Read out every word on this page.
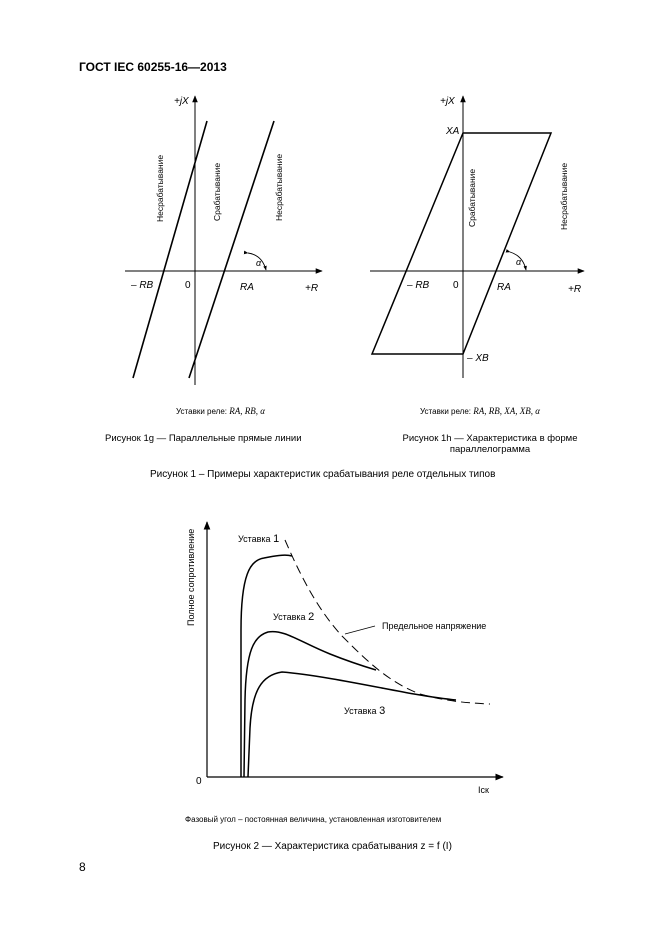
ГОСТ IEC 60255-16—2013
+jX
+R
– RB	0	RA
α
Несрабатывание	Срабатывание	Несрабатывание
+jX
+R
XA
– XB
– RB 0	RA
α
Срабатывание	Несрабатывание
Полное сопротивление
Iск
0
Уставка 1
Уставка 2
Уставка 3
Предельное напряжение
Уставки реле: RA, RB, α	Уставки реле: RA, RB, XA, XB, α
Рисунок 1g — Параллельные прямые линии	Рисунок 1h — Характеристика в форме
параллелограмма
Рисунок 1 – Примеры характеристик срабатывания реле отдельных типов
Фазовый угол – постоянная величина, установленная изготовителем
Рисунок 2 — Характеристика срабатывания z = f (I)
8
